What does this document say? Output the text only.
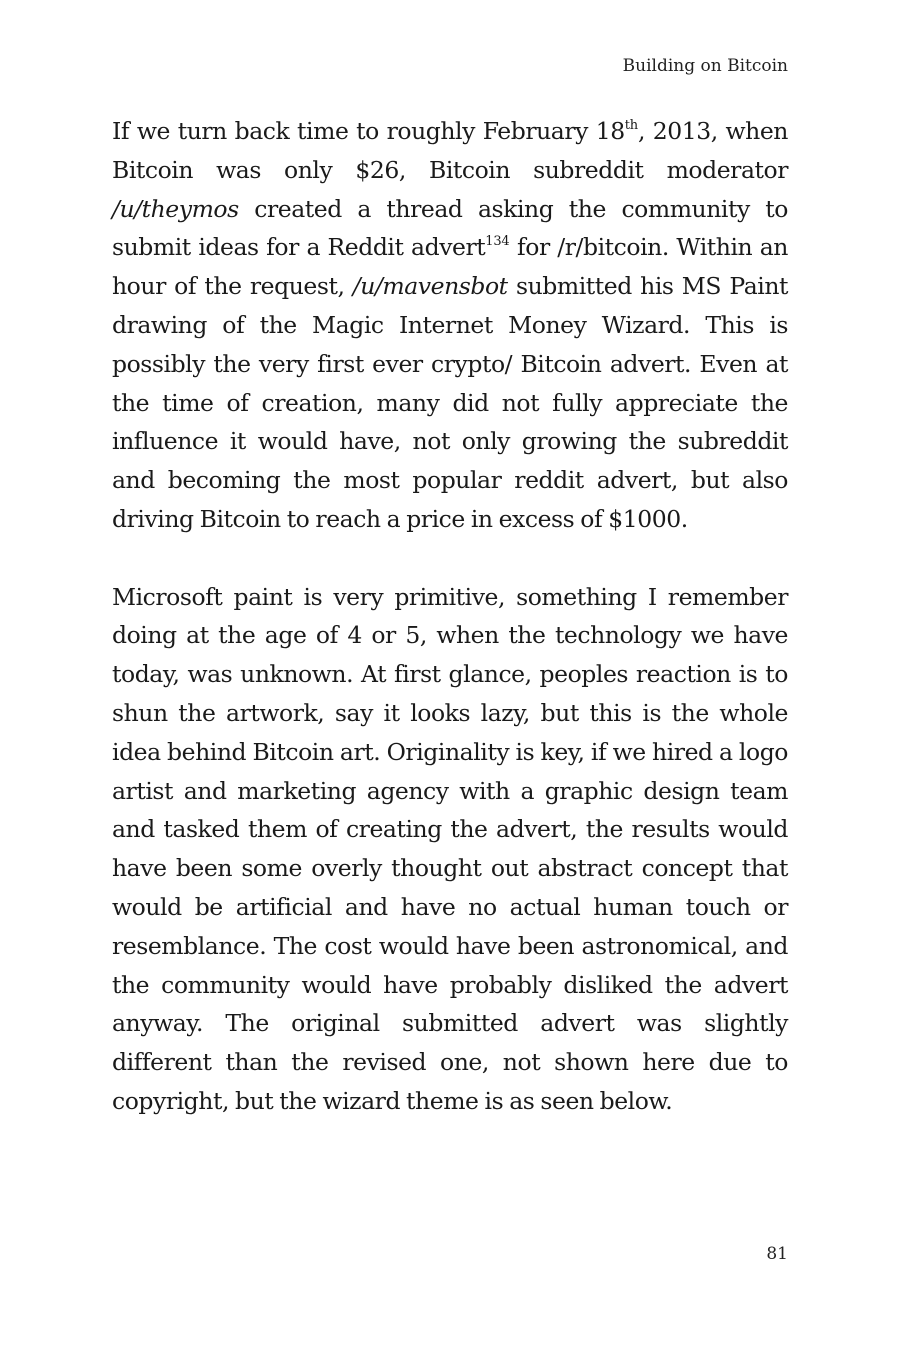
Building on Bitcoin

If we turn back time to roughly February 18th, 2013, when Bitcoin was only $26, Bitcoin subreddit moderator /u/theymos created a thread asking the community to submit ideas for a Reddit advert$^{134}$ for /r/bitcoin. Within an hour of the request, /u/mavensbot submitted his MS Paint drawing of the Magic Internet Money Wizard. This is possibly the very first ever crypto/ Bitcoin advert. Even at the time of creation, many did not fully appreciate the influence it would have, not only growing the subreddit and becoming the most popular reddit advert, but also driving Bitcoin to reach a price in excess of $1000.

Microsoft paint is very primitive, something I remember doing at the age of 4 or 5, when the technology we have today, was unknown. At first glance, peoples reaction is to shun the artwork, say it looks lazy, but this is the whole idea behind Bitcoin art. Originality is key, if we hired a logo artist and marketing agency with a graphic design team and tasked them of creating the advert, the results would have been some overly thought out abstract concept that would be artificial and have no actual human touch or resemblance. The cost would have been astronomical, and the community would have probably disliked the advert anyway. The original submitted advert was slightly different than the revised one, not shown here due to copyright, but the wizard theme is as seen below.

81
